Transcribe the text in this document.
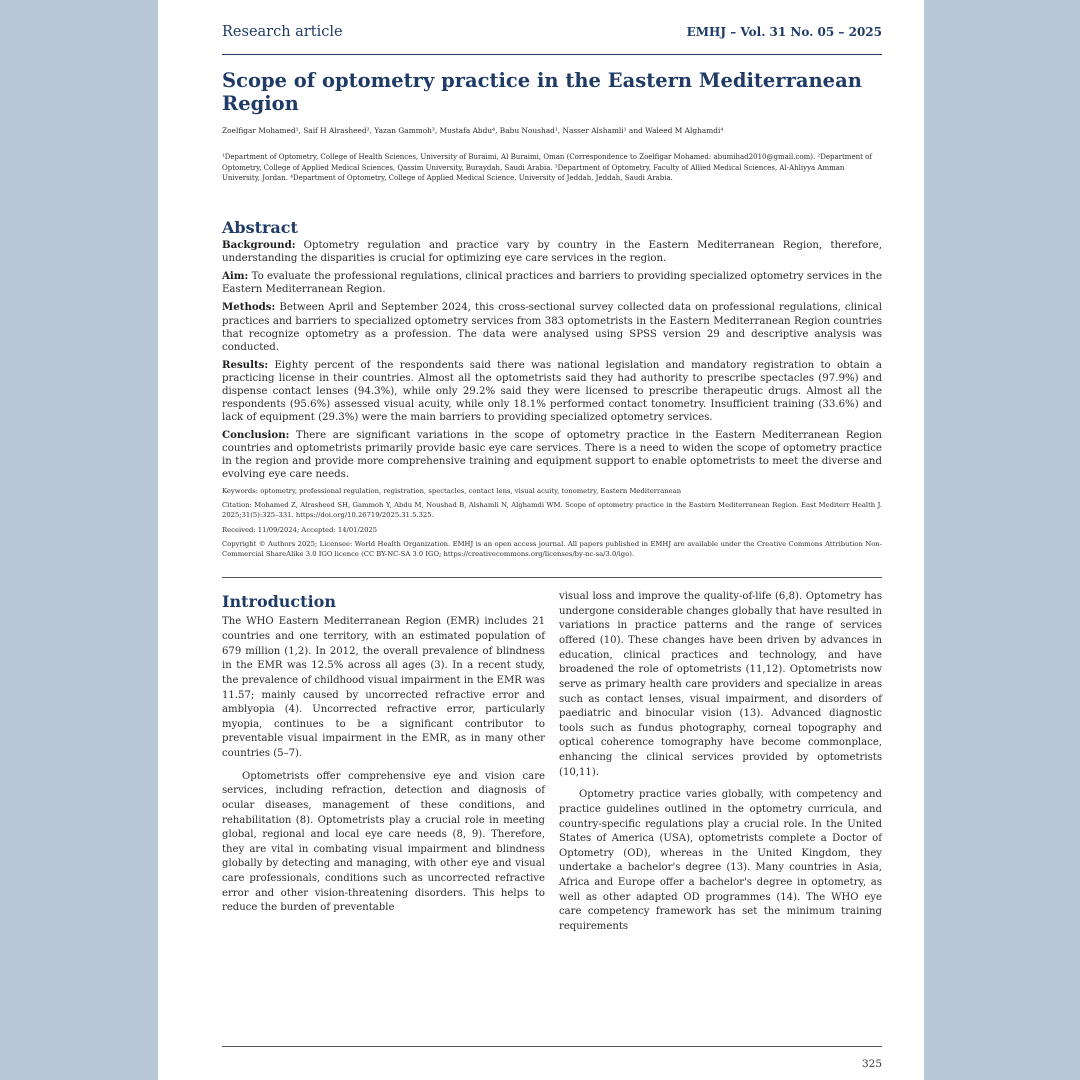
Research article	EMHJ – Vol. 31 No. 05 – 2025
Scope of optometry practice in the Eastern Mediterranean Region
Zoelfigar Mohamed¹, Saif H Alrasheed², Yazan Gammoh³, Mustafa Abdu⁴, Babu Noushad¹, Nasser Alshamli¹ and Waleed M Alghamdi⁴
¹Department of Optometry, College of Health Sciences, University of Buraimi, Al Buraimi, Oman (Correspondence to Zoelfigar Mohamed: abumihad2010@gmail.com). ²Department of Optometry, College of Applied Medical Sciences, Qassim University, Buraydah, Saudi Arabia. ³Department of Optometry, Faculty of Allied Medical Sciences, Al-Ahliyya Amman University, Jordan. ⁴Department of Optometry, College of Applied Medical Science, University of Jeddah, Jeddah, Saudi Arabia.
Abstract

Background: Optometry regulation and practice vary by country in the Eastern Mediterranean Region, therefore, understanding the disparities is crucial for optimizing eye care services in the region.

Aim: To evaluate the professional regulations, clinical practices and barriers to providing specialized optometry services in the Eastern Mediterranean Region.

Methods: Between April and September 2024, this cross-sectional survey collected data on professional regulations, clinical practices and barriers to specialized optometry services from 383 optometrists in the Eastern Mediterranean Region countries that recognize optometry as a profession. The data were analysed using SPSS version 29 and descriptive analysis was conducted.

Results: Eighty percent of the respondents said there was national legislation and mandatory registration to obtain a practicing license in their countries. Almost all the optometrists said they had authority to prescribe spectacles (97.9%) and dispense contact lenses (94.3%), while only 29.2% said they were licensed to prescribe therapeutic drugs. Almost all the respondents (95.6%) assessed visual acuity, while only 18.1% performed contact tonometry. Insufficient training (33.6%) and lack of equipment (29.3%) were the main barriers to providing specialized optometry services.

Conclusion: There are significant variations in the scope of optometry practice in the Eastern Mediterranean Region countries and optometrists primarily provide basic eye care services. There is a need to widen the scope of optometry practice in the region and provide more comprehensive training and equipment support to enable optometrists to meet the diverse and evolving eye care needs.

Keywords: optometry, professional regulation, registration, spectacles, contact lens, visual acuity, tonometry, Eastern Mediterranean

Citation: Mohamed Z, Alrasheed SH, Gammoh Y, Abdu M, Noushad B, Alshamli N, Alghamdi WM. Scope of optometry practice in the Eastern Mediterranean Region. East Mediterr Health J. 2025;31(5):325–331. https://doi.org/10.26719/2025.31.5.325.

Received: 11/09/2024; Accepted: 14/01/2025

Copyright © Authors 2025; Licensee: World Health Organization. EMHJ is an open access journal. All papers published in EMHJ are available under the Creative Commons Attribution Non-Commercial ShareAlike 3.0 IGO licence (CC BY-NC-SA 3.0 IGO; https://creativecommons.org/licenses/by-nc-sa/3.0/igo).

Introduction

The WHO Eastern Mediterranean Region (EMR) includes 21 countries and one territory, with an estimated population of 679 million (1,2). In 2012, the overall prevalence of blindness in the EMR was 12.5% across all ages (3). In a recent study, the prevalence of childhood visual impairment in the EMR was 11.57; mainly caused by uncorrected refractive error and amblyopia (4). Uncorrected refractive error, particularly myopia, continues to be a significant contributor to preventable visual impairment in the EMR, as in many other countries (5–7).

Optometrists offer comprehensive eye and vision care services, including refraction, detection and diagnosis of ocular diseases, management of these conditions, and rehabilitation (8). Optometrists play a crucial role in meeting global, regional and local eye care needs (8, 9). Therefore, they are vital in combating visual impairment and blindness globally by detecting and managing, with other eye and visual care professionals, conditions such as uncorrected refractive error and other vision-threatening disorders. This helps to reduce the burden of preventable

visual loss and improve the quality-of-life (6,8). Optometry has undergone considerable changes globally that have resulted in variations in practice patterns and the range of services offered (10). These changes have been driven by advances in education, clinical practices and technology, and have broadened the role of optometrists (11,12). Optometrists now serve as primary health care providers and specialize in areas such as contact lenses, visual impairment, and disorders of paediatric and binocular vision (13). Advanced diagnostic tools such as fundus photography, corneal topography and optical coherence tomography have become commonplace, enhancing the clinical services provided by optometrists (10,11).

Optometry practice varies globally, with competency and practice guidelines outlined in the optometry curricula, and country-specific regulations play a crucial role. In the United States of America (USA), optometrists complete a Doctor of Optometry (OD), whereas in the United Kingdom, they undertake a bachelor's degree (13). Many countries in Asia, Africa and Europe offer a bachelor's degree in optometry, as well as other adapted OD programmes (14). The WHO eye care competency framework has set the minimum training requirements

325
